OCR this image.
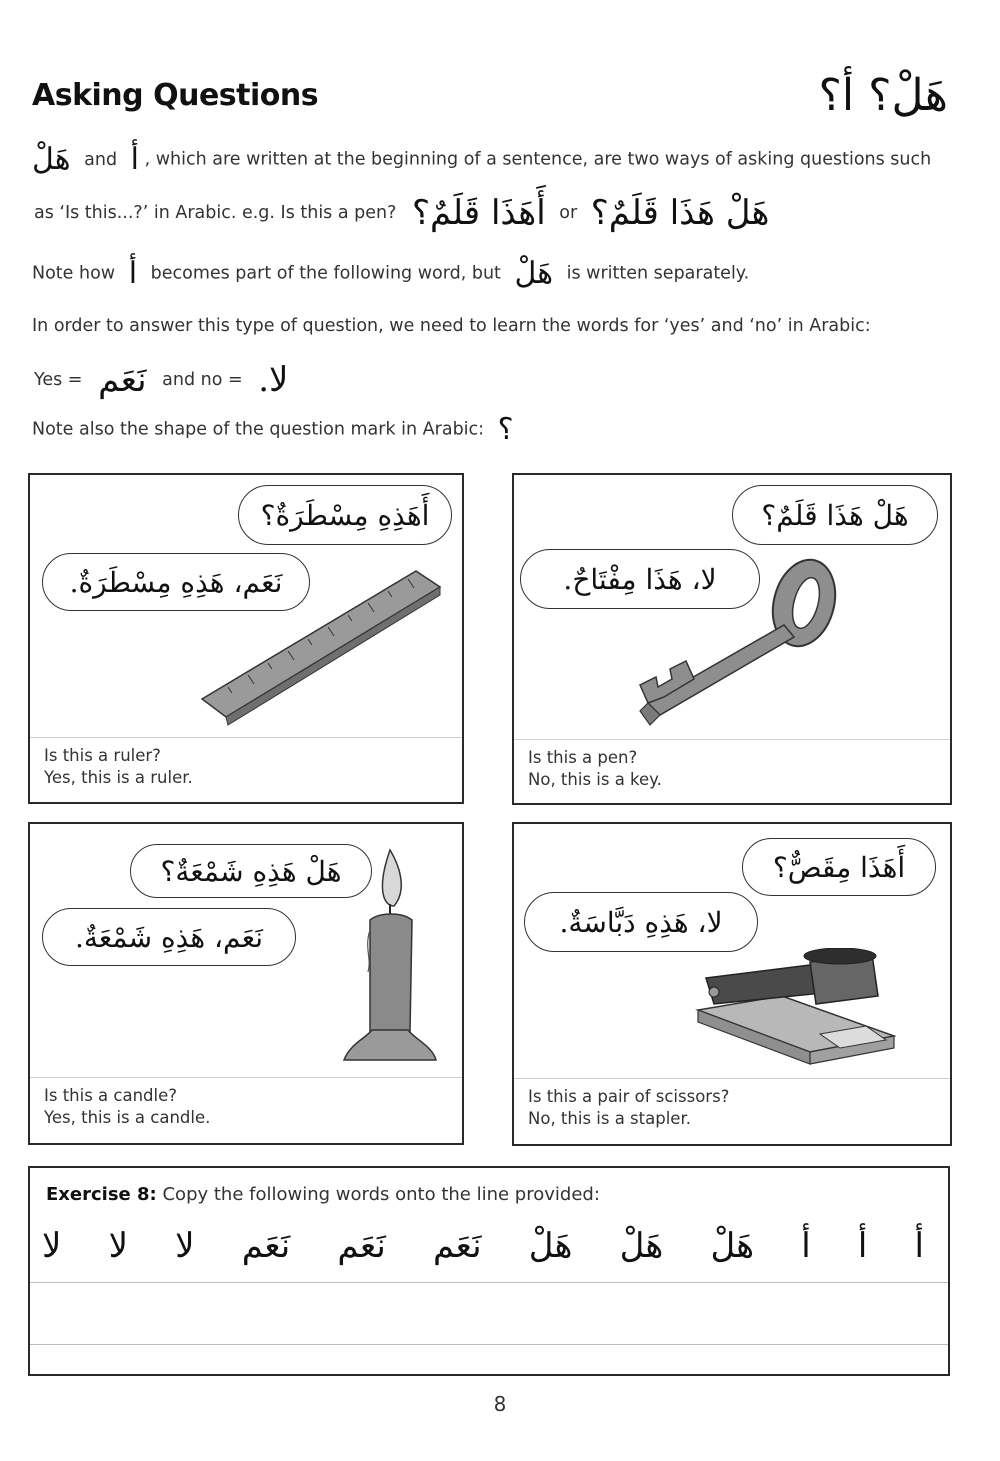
Asking Questions	هَلْ؟ أ؟
هَلْ and أ , which are written at the beginning of a sentence, are two ways of asking questions such
as ‘Is this...?’ in Arabic. e.g. Is this a pen? أَهَذَا قَلَمٌ؟ or هَلْ هَذَا قَلَمٌ؟
Note how أ becomes part of the following word, but هَلْ is written separately.
In order to answer this type of question, we need to learn the words for ‘yes’ and ‘no’ in Arabic:
Yes = نَعَم and no = لا.
Note also the shape of the question mark in Arabic: ؟
أَهَذِهِ مِسْطَرَةٌ؟
نَعَم، هَذِهِ مِسْطَرَةٌ.
Is this a ruler?
Yes, this is a ruler.
هَلْ هَذَا قَلَمٌ؟
لا، هَذَا مِفْتَاحٌ.
Is this a pen?
No, this is a key.
هَلْ هَذِهِ شَمْعَةٌ؟
نَعَم، هَذِهِ شَمْعَةٌ.
Is this a candle?
Yes, this is a candle.
أَهَذَا مِقَصٌّ؟
لا، هَذِهِ دَبَّاسَةٌ.
Is this a pair of scissors?
No, this is a stapler.
Exercise 8: Copy the following words onto the line provided:
أ
أ
أ
هَلْ
هَلْ
هَلْ
نَعَم
نَعَم
نَعَم
لا
لا
لا
8
